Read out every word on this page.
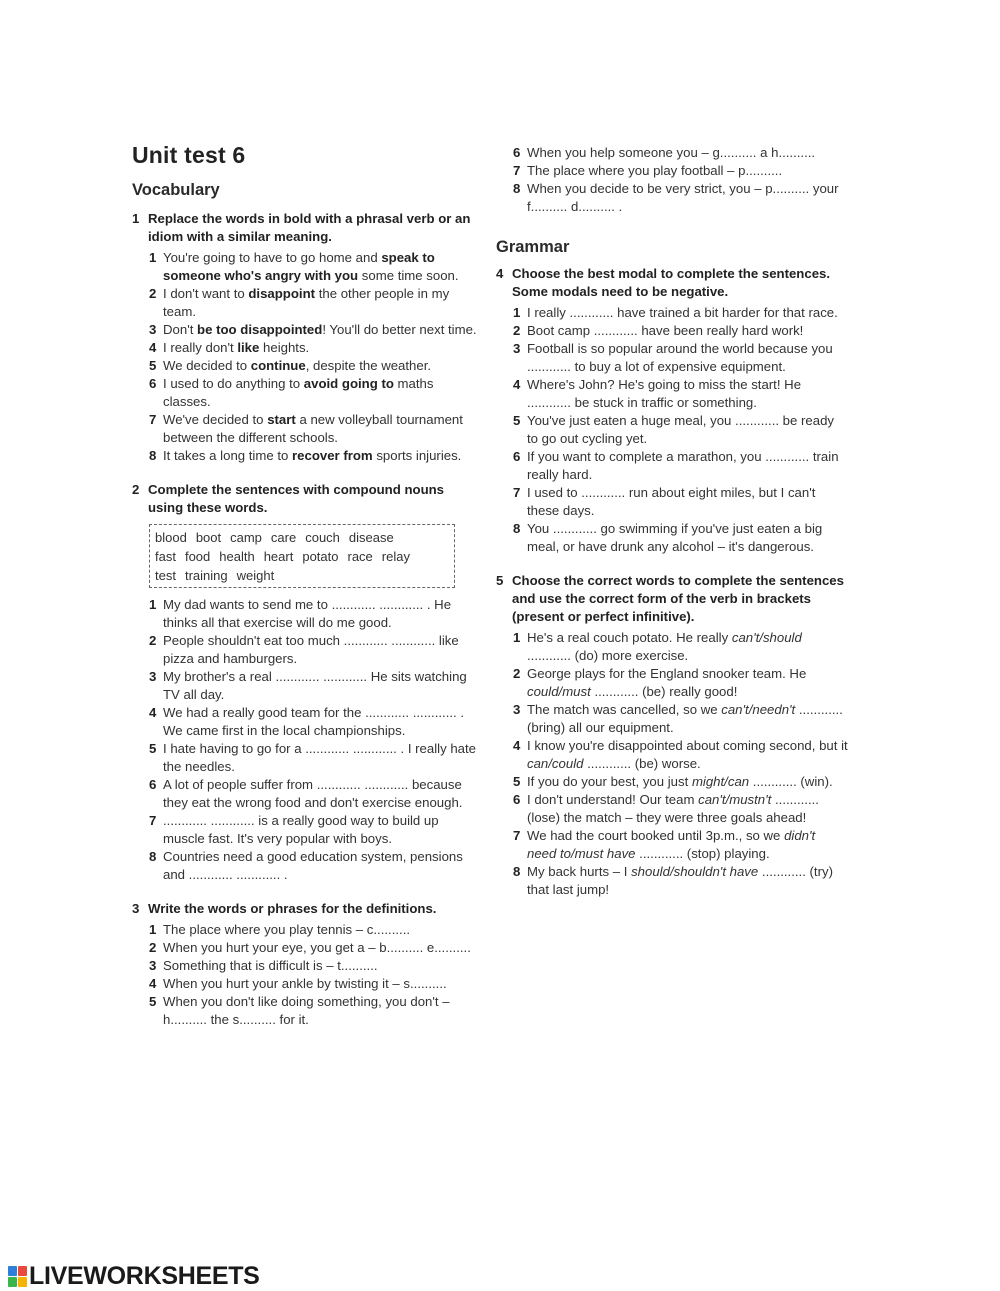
Unit test 6
Vocabulary
1 Replace the words in bold with a phrasal verb or an idiom with a similar meaning.
1 You're going to have to go home and speak to someone who's angry with you some time soon.
2 I don't want to disappoint the other people in my team.
3 Don't be too disappointed! You'll do better next time.
4 I really don't like heights.
5 We decided to continue, despite the weather.
6 I used to do anything to avoid going to maths classes.
7 We've decided to start a new volleyball tournament between the different schools.
8 It takes a long time to recover from sports injuries.
2 Complete the sentences with compound nouns using these words.
blood boot camp care couch disease
fast food health heart potato race relay
test training weight
1 My dad wants to send me to ............ ............ . He thinks all that exercise will do me good.
2 People shouldn't eat too much ............ ............ like pizza and hamburgers.
3 My brother's a real ............ ............ He sits watching TV all day.
4 We had a really good team for the ............ ............ . We came first in the local championships.
5 I hate having to go for a ............ ............ . I really hate the needles.
6 A lot of people suffer from ............ ............ because they eat the wrong food and don't exercise enough.
7 ............ ............ is a really good way to build up muscle fast. It's very popular with boys.
8 Countries need a good education system, pensions and ............ ............ .
3 Write the words or phrases for the definitions.
1 The place where you play tennis – c..........
2 When you hurt your eye, you get a – b.......... e..........
3 Something that is difficult is – t..........
4 When you hurt your ankle by twisting it – s..........
5 When you don't like doing something, you don't – h.......... the s.......... for it.
6 When you help someone you – g.......... a h..........
7 The place where you play football – p..........
8 When you decide to be very strict, you – p.......... your f.......... d.......... .
Grammar
4 Choose the best modal to complete the sentences. Some modals need to be negative.
1 I really ............ have trained a bit harder for that race.
2 Boot camp ............ have been really hard work!
3 Football is so popular around the world because you ............ to buy a lot of expensive equipment.
4 Where's John? He's going to miss the start! He ............ be stuck in traffic or something.
5 You've just eaten a huge meal, you ............ be ready to go out cycling yet.
6 If you want to complete a marathon, you ............ train really hard.
7 I used to ............ run about eight miles, but I can't these days.
8 You ............ go swimming if you've just eaten a big meal, or have drunk any alcohol – it's dangerous.
5 Choose the correct words to complete the sentences and use the correct form of the verb in brackets (present or perfect infinitive).
1 He's a real couch potato. He really can't/should ............ (do) more exercise.
2 George plays for the England snooker team. He could/must ............ (be) really good!
3 The match was cancelled, so we can't/needn't ............ (bring) all our equipment.
4 I know you're disappointed about coming second, but it can/could ............ (be) worse.
5 If you do your best, you just might/can ............ (win).
6 I don't understand! Our team can't/mustn't ............ (lose) the match – they were three goals ahead!
7 We had the court booked until 3p.m., so we didn't need to/must have ............ (stop) playing.
8 My back hurts – I should/shouldn't have ............ (try) that last jump!
LIVEWORKSHEETS
